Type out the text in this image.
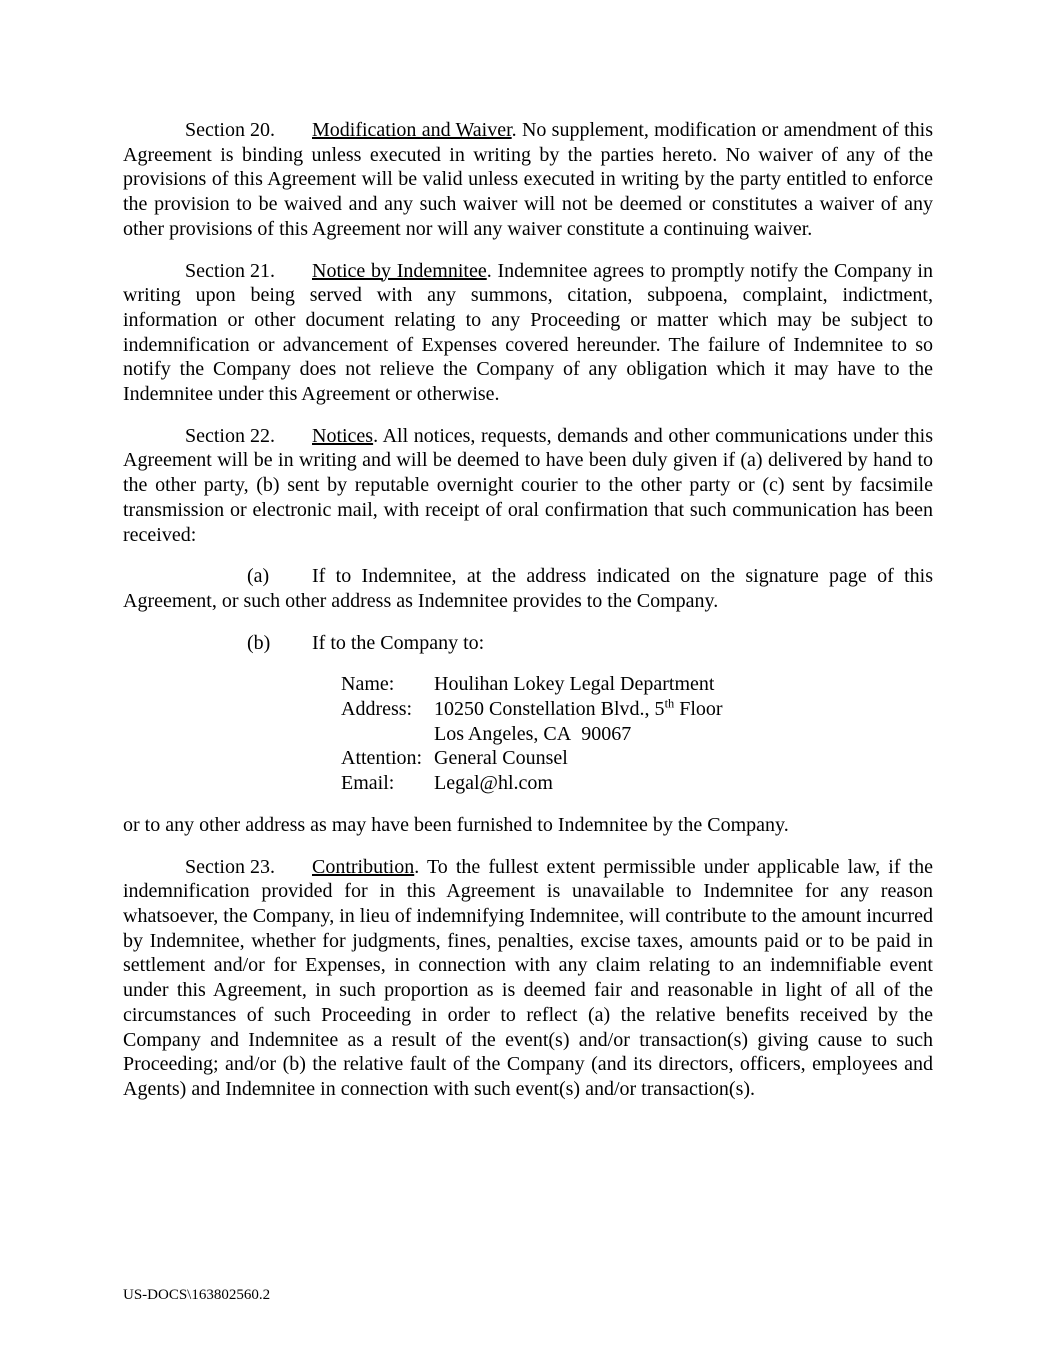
Section 20. Modification and Waiver. No supplement, modification or amendment of this Agreement is binding unless executed in writing by the parties hereto. No waiver of any of the provisions of this Agreement will be valid unless executed in writing by the party entitled to enforce the provision to be waived and any such waiver will not be deemed or constitutes a waiver of any other provisions of this Agreement nor will any waiver constitute a continuing waiver.

Section 21. Notice by Indemnitee. Indemnitee agrees to promptly notify the Company in writing upon being served with any summons, citation, subpoena, complaint, indictment, information or other document relating to any Proceeding or matter which may be subject to indemnification or advancement of Expenses covered hereunder. The failure of Indemnitee to so notify the Company does not relieve the Company of any obligation which it may have to the Indemnitee under this Agreement or otherwise.

Section 22. Notices. All notices, requests, demands and other communications under this Agreement will be in writing and will be deemed to have been duly given if (a) delivered by hand to the other party, (b) sent by reputable overnight courier to the other party or (c) sent by facsimile transmission or electronic mail, with receipt of oral confirmation that such communication has been received:

(a) If to Indemnitee, at the address indicated on the signature page of this Agreement, or such other address as Indemnitee provides to the Company.

(b) If to the Company to:

Name: Houlihan Lokey Legal Department
Address: 10250 Constellation Blvd., 5th Floor
Los Angeles, CA  90067
Attention: General Counsel
Email: Legal@hl.com

or to any other address as may have been furnished to Indemnitee by the Company.

Section 23. Contribution. To the fullest extent permissible under applicable law, if the indemnification provided for in this Agreement is unavailable to Indemnitee for any reason whatsoever, the Company, in lieu of indemnifying Indemnitee, will contribute to the amount incurred by Indemnitee, whether for judgments, fines, penalties, excise taxes, amounts paid or to be paid in settlement and/or for Expenses, in connection with any claim relating to an indemnifiable event under this Agreement, in such proportion as is deemed fair and reasonable in light of all of the circumstances of such Proceeding in order to reflect (a) the relative benefits received by the Company and Indemnitee as a result of the event(s) and/or transaction(s) giving cause to such Proceeding; and/or (b) the relative fault of the Company (and its directors, officers, employees and Agents) and Indemnitee in connection with such event(s) and/or transaction(s).

US-DOCS\163802560.2
